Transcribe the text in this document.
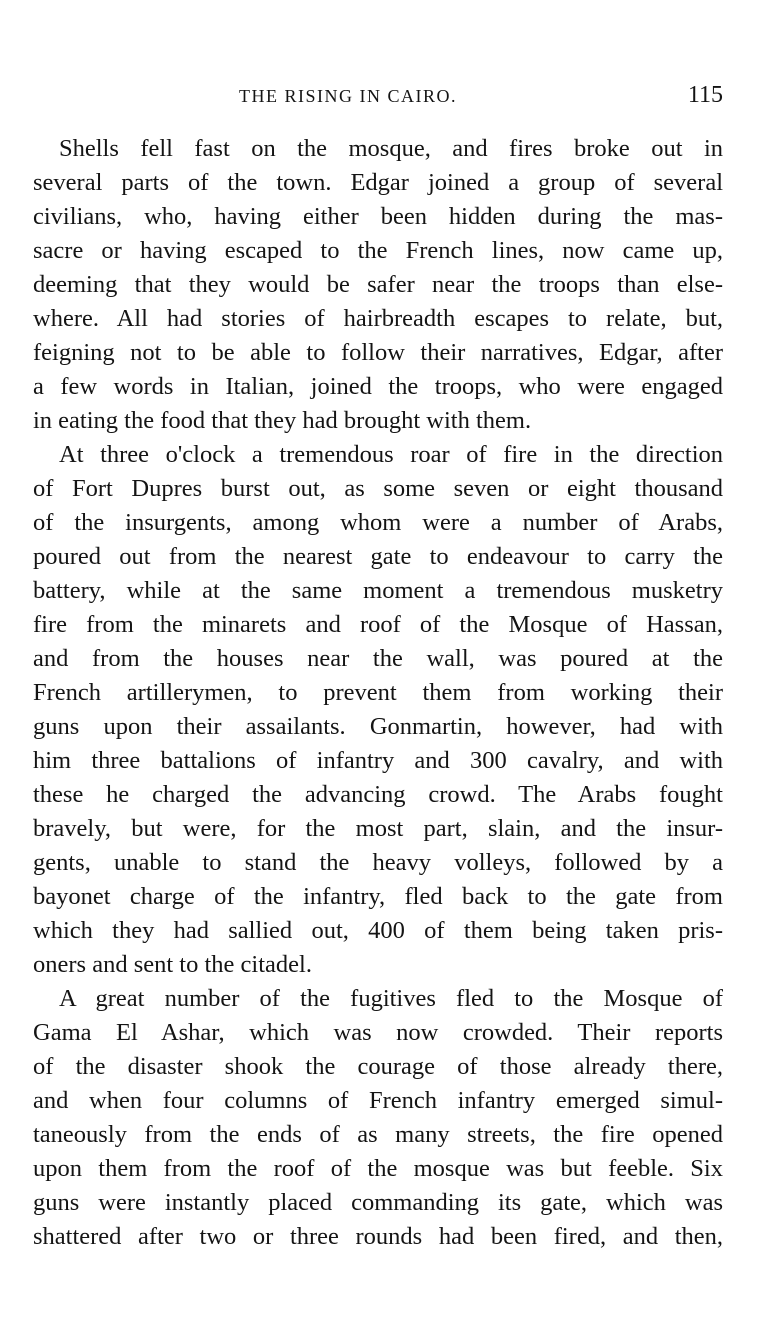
THE RISING IN CAIRO.	115
Shells fell fast on the mosque, and fires broke out in
several parts of the town. Edgar joined a group of several
civilians, who, having either been hidden during the mas-
sacre or having escaped to the French lines, now came up,
deeming that they would be safer near the troops than else-
where. All had stories of hairbreadth escapes to relate, but,
feigning not to be able to follow their narratives, Edgar, after
a few words in Italian, joined the troops, who were engaged
in eating the food that they had brought with them.
At three o'clock a tremendous roar of fire in the direction
of Fort Dupres burst out, as some seven or eight thousand
of the insurgents, among whom were a number of Arabs,
poured out from the nearest gate to endeavour to carry the
battery, while at the same moment a tremendous musketry
fire from the minarets and roof of the Mosque of Hassan,
and from the houses near the wall, was poured at the
French artillerymen, to prevent them from working their
guns upon their assailants. Gonmartin, however, had with
him three battalions of infantry and 300 cavalry, and with
these he charged the advancing crowd. The Arabs fought
bravely, but were, for the most part, slain, and the insur-
gents, unable to stand the heavy volleys, followed by a
bayonet charge of the infantry, fled back to the gate from
which they had sallied out, 400 of them being taken pris-
oners and sent to the citadel.
A great number of the fugitives fled to the Mosque of
Gama El Ashar, which was now crowded. Their reports
of the disaster shook the courage of those already there,
and when four columns of French infantry emerged simul-
taneously from the ends of as many streets, the fire opened
upon them from the roof of the mosque was but feeble. Six
guns were instantly placed commanding its gate, which was
shattered after two or three rounds had been fired, and then,
